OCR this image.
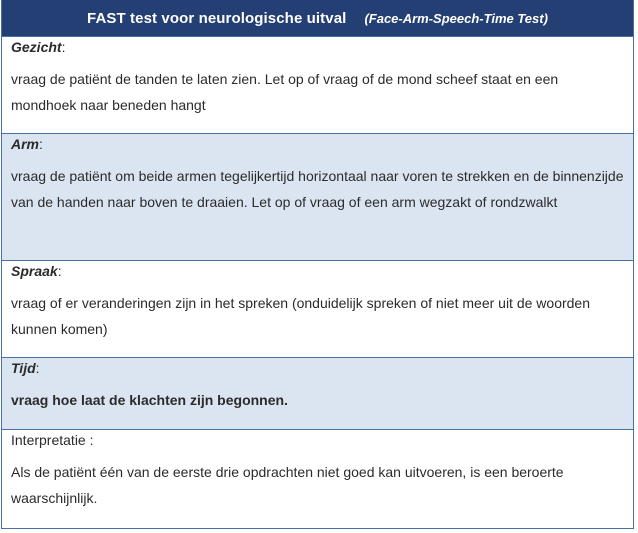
FAST test voor neurologische uitval (Face-Arm-Speech-Time Test)
Gezicht:
vraag de patiënt de tanden te laten zien. Let op of vraag of de mond scheef staat en een mondhoek naar beneden hangt
Arm:
vraag de patiënt om beide armen tegelijkertijd horizontaal naar voren te strekken en de binnenzijde van de handen naar boven te draaien. Let op of vraag of een arm wegzakt of rondzwalkt
Spraak:
vraag of er veranderingen zijn in het spreken (onduidelijk spreken of niet meer uit de woorden kunnen komen)
Tijd:
vraag hoe laat de klachten zijn begonnen.
Interpretatie :
Als de patiënt één van de eerste drie opdrachten niet goed kan uitvoeren, is een beroerte waarschijnlijk.
